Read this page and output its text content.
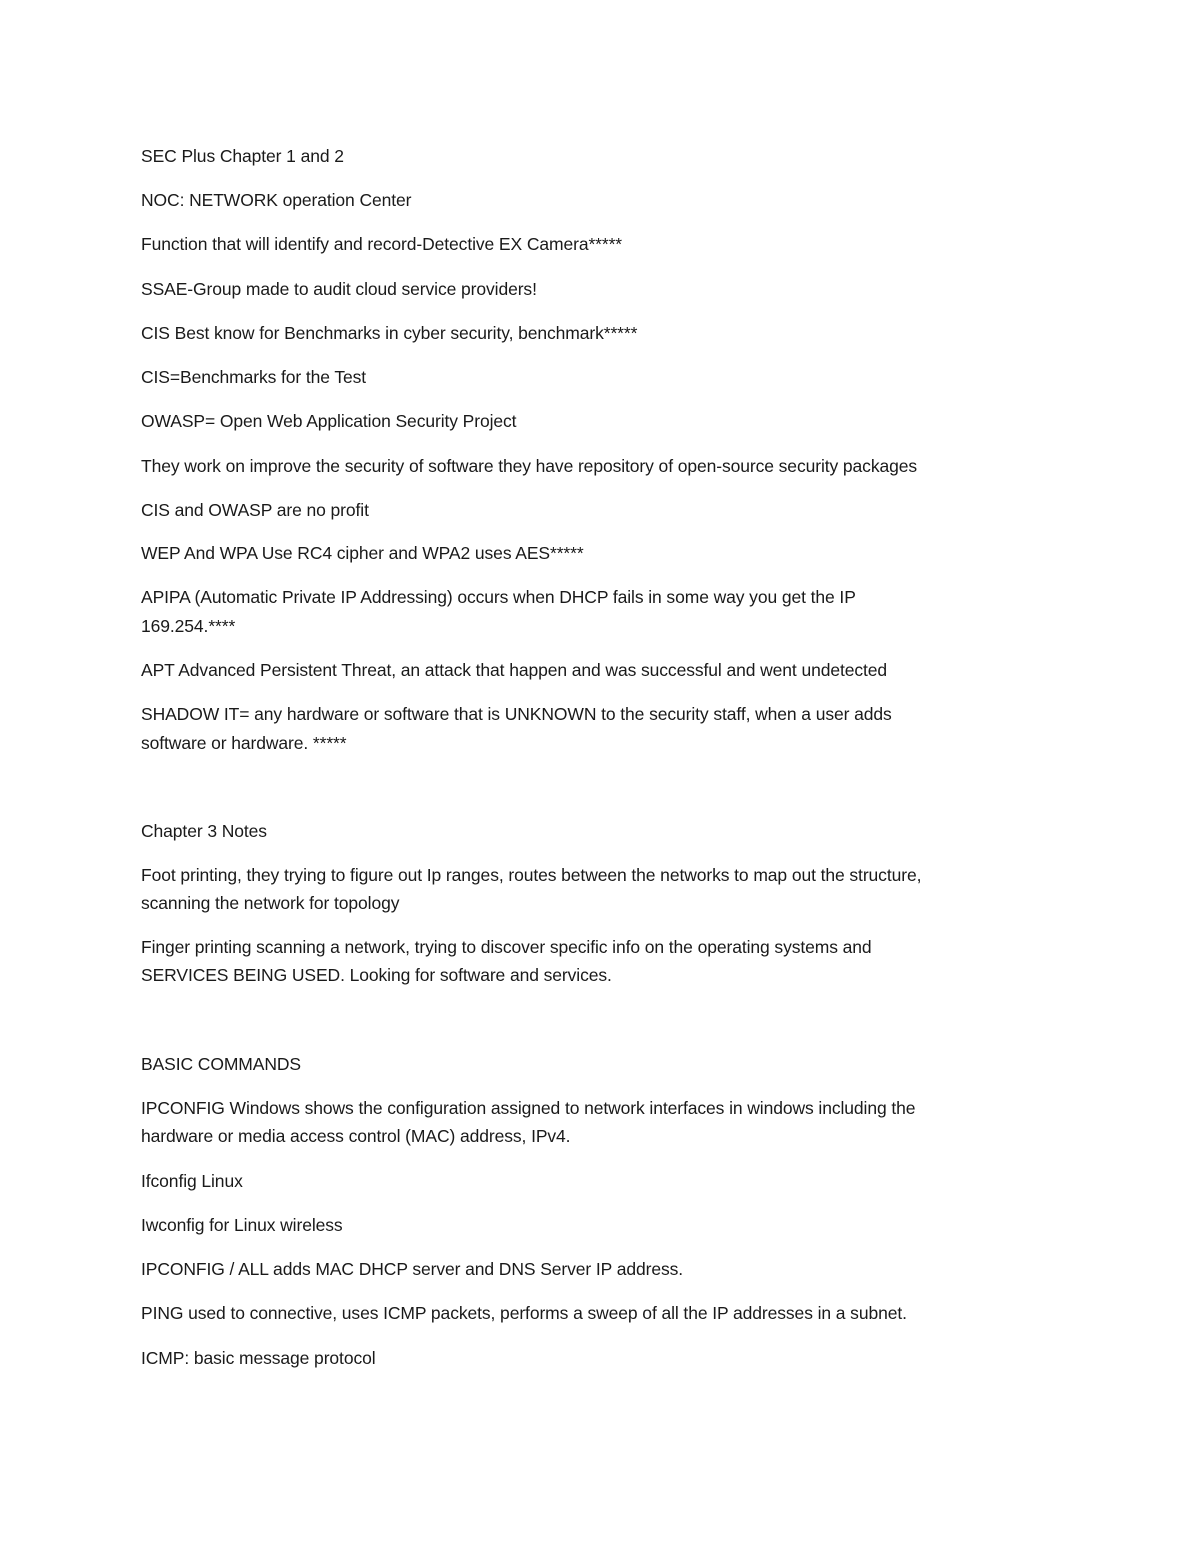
SEC Plus Chapter 1 and 2

NOC: NETWORK operation Center

Function that will identify and record-Detective EX Camera*****

SSAE-Group made to audit cloud service providers!

CIS Best know for Benchmarks in cyber security, benchmark*****

CIS=Benchmarks for the Test

OWASP= Open Web Application Security Project

They work on improve the security of software they have repository of open-source security packages

CIS and OWASP are no profit

WEP And WPA Use RC4 cipher and WPA2 uses AES*****

APIPA (Automatic Private IP Addressing) occurs when DHCP fails in some way you get the IP

169.254.****

APT Advanced Persistent Threat, an attack that happen and was successful and went undetected

SHADOW IT= any hardware or software that is UNKNOWN to the security staff, when a user adds

software or hardware. *****

Chapter 3 Notes

Foot printing, they trying to figure out Ip ranges, routes between the networks to map out the structure,

scanning the network for topology

Finger printing scanning a network, trying to discover specific info on the operating systems and

SERVICES BEING USED. Looking for software and services.

BASIC COMMANDS

IPCONFIG Windows shows the configuration assigned to network interfaces in windows including the

hardware or media access control (MAC) address, IPv4.

Ifconfig Linux

Iwconfig for Linux wireless

IPCONFIG / ALL adds MAC DHCP server and DNS Server IP address.

PING used to connective, uses ICMP packets, performs a sweep of all the IP addresses in a subnet.

ICMP: basic message protocol
